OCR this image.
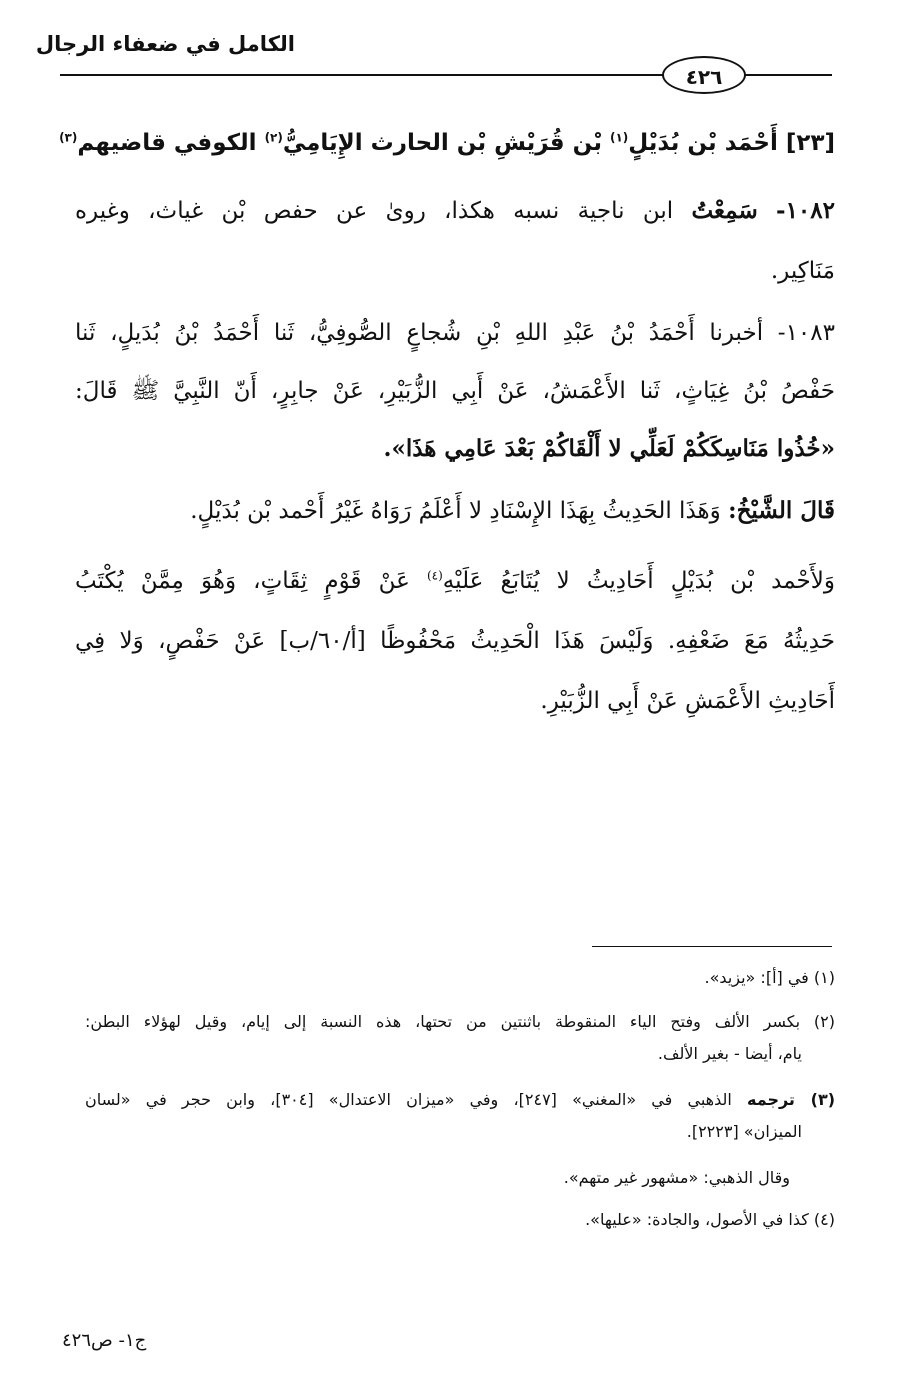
الكامل في ضعفاء الرجال
٤٢٦
[٢٣] أَحْمَد بْن بُدَيْلٍ$^{(١)}$ بْن قُرَيْشِ بْن الحارث الإِيَامِيُّ$^{(٢)}$ الكوفي قاضيهم$^{(٣)}$
١٠٨٢- سَمِعْتُ ابن ناجية نسبه هكذا، روىٰ عن حفص بْن غياث، وغيره
مَنَاكِير.
١٠٨٣- أخبرنا أَحْمَدُ بْنُ عَبْدِ اللهِ بْنِ شُجاعٍ الصُّوفِيُّ، ثَنا أَحْمَدُ بْنُ بُدَيلٍ، ثَنا
حَفْصُ بْنُ غِيَاثٍ، ثَنا الأَعْمَشُ، عَنْ أَبِي الزُّبَيْرِ، عَنْ جابِرٍ، أَنّ النَّبِيَّ ﷺ قَالَ:
«خُذُوا مَنَاسِكَكُمْ لَعَلِّي لا أَلْقَاكُمْ بَعْدَ عَامِي هَذَا».
قَالَ الشَّيْخُ: وَهَذَا الحَدِيثُ بِهَذَا الإِسْنَادِ لا أَعْلَمُ رَوَاهُ غَيْرُ أَحْمد بْن بُدَيْلٍ.
وَلأَحْمد بْن بُدَيْلٍ أَحَادِيثُ لا يُتَابَعُ عَلَيْهِ$^{(٤)}$ عَنْ قَوْمٍ ثِقَاتٍ، وَهُوَ مِمَّنْ يُكْتَبُ
حَدِيثُهُ مَعَ ضَعْفِهِ. وَلَيْسَ هَذَا الْحَدِيثُ مَحْفُوظًا [أ/٦٠/ب] عَنْ حَفْصٍ، وَلا فِي
أَحَادِيثِ الأَعْمَشِ عَنْ أَبِي الزُّبَيْرِ.
(١) في [أ]: «يزيد».
(٢) بكسر الألف وفتح الياء المنقوطة باثنتين من تحتها، هذه النسبة إلى إيام، وقيل لهؤلاء البطن:
يام، أيضا - بغير الألف.
(٣) ترجمه الذهبي في «المغني» [٢٤٧]، وفي «ميزان الاعتدال» [٣٠٤]، وابن حجر في «لسان
الميزان» [٢٢٢٣].
وقال الذهبي: «مشهور غير متهم».
(٤) كذا في الأصول، والجادة: «عليها».
ج١- ص٤٢٦
